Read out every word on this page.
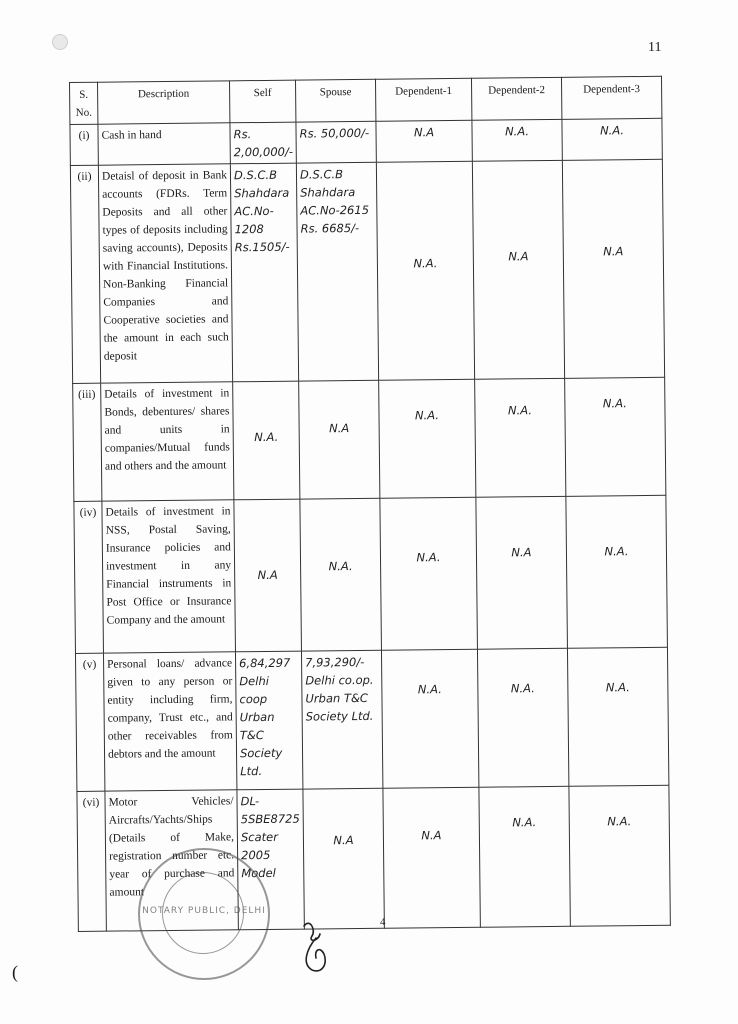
11
(
S. No.	Description	Self	Spouse	Dependent-1	Dependent-2	Dependent-3
(i)	Cash in hand	Rs. 2,00,000/-	Rs. 50,000/-	N.A	N.A.	N.A.
(ii)	Detaisl of deposit in Bank accounts (FDRs. Term Deposits and all other types of deposits including saving accounts), Deposits with Financial Institutions. Non-Banking Financial Companies and Cooperative societies and the amount in each such deposit	D.S.C.B Shahdara AC.No-1208 Rs.1505/-	D.S.C.B Shahdara AC.No-2615 Rs. 6685/-	N.A.	N.A	N.A

(iii)	Details of investment in Bonds, debentures/ shares and units in companies/Mutual funds and others and the amount	N.A.	N.A	N.A.	N.A.	N.A.

(iv)	Details of investment in NSS, Postal Saving, Insurance policies and investment in any Financial instruments in Post Office or Insurance Company and the amount	N.A	N.A.	N.A.	N.A	N.A.

(v)	Personal loans/ advance given to any person or entity including firm, company, Trust etc., and other receivables from debtors and the amount	6,84,297 Delhi coop Urban T&C Society Ltd.	7,93,290/- Delhi co.op. Urban T&C Society Ltd.	N.A.	N.A.	N.A.

(vi)	Motor Vehicles/ Aircrafts/Yachts/Ships (Details of Make, registration number etc. year of purchase and amount	DL-5SBE8725 Scater 2005 Model	N.A	N.A	N.A.	N.A.
4
NOTARY PUBLIC, DELHI
